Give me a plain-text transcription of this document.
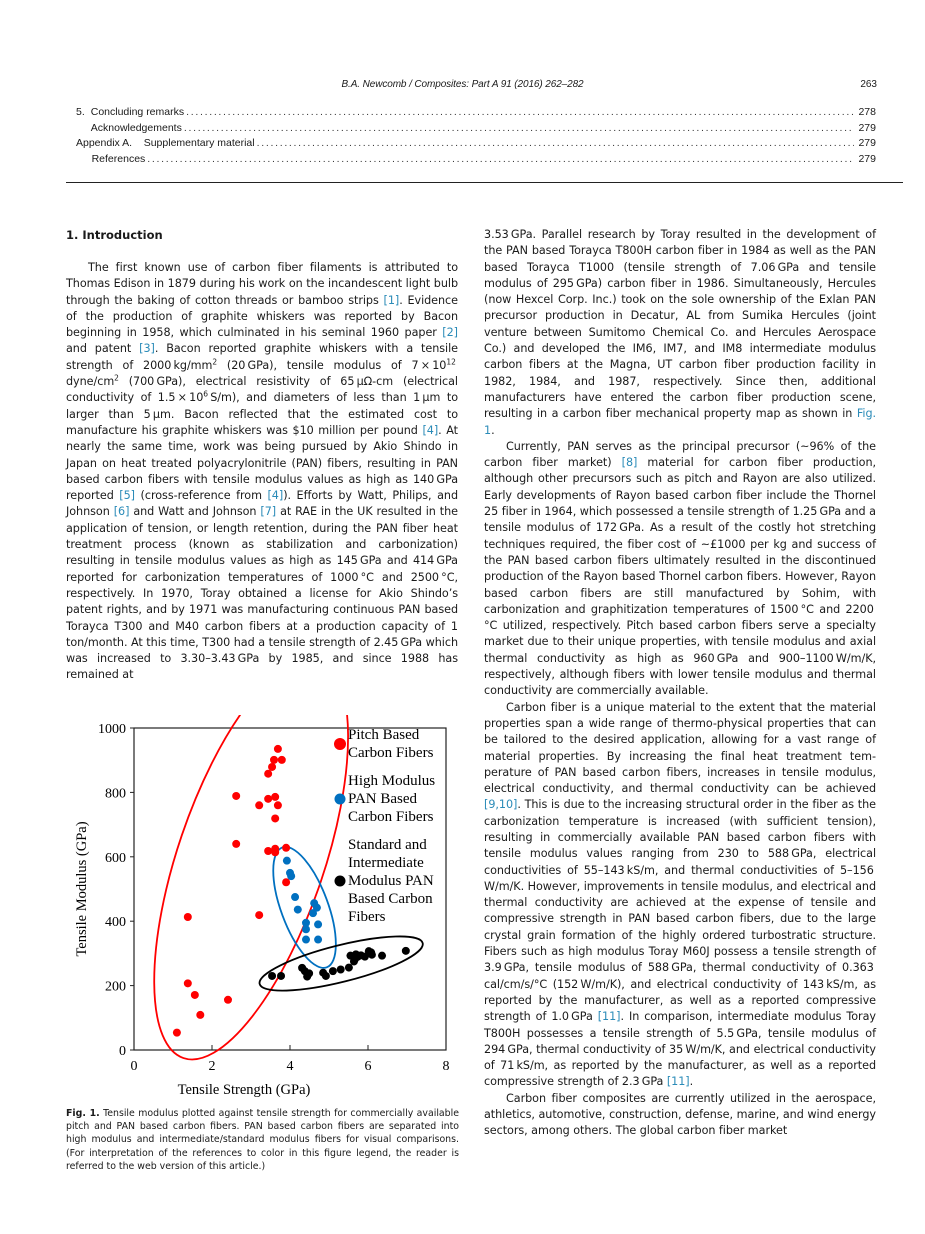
B.A. Newcomb / Composites: Part A 91 (2016) 262–282	263
5. Concluding remarks .....	278
Acknowledgements .....	279
Appendix A.    Supplementary material .....	279
References .....	279
1. Introduction

The first known use of carbon fiber filaments is attributed to Thomas Edison in 1879 during his work on the incandescent light bulb through the baking of cotton threads or bamboo strips [1]. Evidence of the production of graphite whiskers was reported by Bacon beginning in 1958, which culminated in his seminal 1960 paper [2] and patent [3]. Bacon reported graphite whiskers with a tensile strength of 2000 $kg/mm^2$ (20 GPa), tensile modulus of $7 \times 10^{12}$ dyne/$cm^2$ (700 GPa), electrical resistivity of 65 μΩ-cm (electrical conductivity of $1.5 \times 10^6$ S/m), and diameters of less than 1 μm to larger than 5 μm. Bacon reflected that the estimated cost to manufacture his graphite whiskers was $10 million per pound [4]. At nearly the same time, work was being pursued by Akio Shindo in Japan on heat treated polyacrylonitrile (PAN) fibers, resulting in PAN based carbon fibers with tensile modulus values as high as 140 GPa reported [5] (cross-reference from [4]). Efforts by Watt, Philips, and Johnson [6] and Watt and Johnson [7] at RAE in the UK resulted in the application of tension, or length retention, during the PAN fiber heat treatment process (known as stabilization and carbonization) resulting in tensile modulus values as high as 145 GPa and 414 GPa reported for carbonization temperatures of 1000 °C and 2500 °C, respectively. In 1970, Toray obtained a license for Akio Shindo’s patent rights, and by 1971 was manufacturing continuous PAN based Torayca T300 and M40 carbon fibers at a production capacity of 1 ton/month. At this time, T300 had a tensile strength of 2.45 GPa which was increased to 3.30–3.43 GPa by 1985, and since 1988 has remained at

3.53 GPa. Parallel research by Toray resulted in the development of the PAN based Torayca T800H carbon fiber in 1984 as well as the PAN based Torayca T1000 (tensile strength of 7.06 GPa and tensile modulus of 295 GPa) carbon fiber in 1986. Simultaneously, Hercules (now Hexcel Corp. Inc.) took on the sole ownership of the Exlan PAN precursor production in Decatur, AL from Sumika Hercules (joint venture between Sumitomo Chemical Co. and Hercules Aerospace Co.) and developed the IM6, IM7, and IM8 intermediate modulus carbon fibers at the Magna, UT carbon fiber production facility in 1982, 1984, and 1987, respectively. Since then, additional manufacturers have entered the carbon fiber production scene, resulting in a carbon fiber mechanical property map as shown in Fig. 1.

Currently, PAN serves as the principal precursor (~96% of the carbon fiber market) [8] material for carbon fiber production, although other precursors such as pitch and Rayon are also utilized. Early developments of Rayon based carbon fiber include the Thornel 25 fiber in 1964, which possessed a tensile strength of 1.25 GPa and a tensile modulus of 172 GPa. As a result of the costly hot stretching techniques required, the fiber cost of ~£1000 per kg and success of the PAN based carbon fibers ultimately resulted in the discontinued production of the Rayon based Thornel carbon fibers. However, Rayon based carbon fibers are still manufactured by Sohim, with carbonization and graphitization temperatures of 1500 °C and 2200 °C utilized, respectively. Pitch based carbon fibers serve a specialty market due to their unique properties, with tensile modulus and axial thermal conductivity as high as 960 GPa and 900–1100 W/m/K, respectively, although fibers with lower tensile modulus and thermal conductivity are commercially available.

Carbon fiber is a unique material to the extent that the material properties span a wide range of thermo-physical properties that can be tailored to the desired application, allowing for a vast range of material properties. By increasing the final heat treatment temperature of PAN based carbon fibers, increases in tensile modulus, electrical conductivity, and thermal conductivity can be achieved [9,10]. This is due to the increasing structural order in the fiber as the carbonization temperature is increased (with sufficient tension), resulting in commercially available PAN based carbon fibers with tensile modulus values ranging from 230 to 588 GPa, electrical conductivities of 55–143 kS/m, and thermal conductivities of 5–156 W/m/K. However, improvements in tensile modulus, and electrical and thermal conductivity are achieved at the expense of tensile and compressive strength in PAN based carbon fibers, due to the large crystal grain formation of the highly ordered turbostratic structure. Fibers such as high modulus Toray M60J possess a tensile strength of 3.9 GPa, tensile modulus of 588 GPa, thermal conductivity of 0.363 cal/cm/s/°C (152 W/m/K), and electrical conductivity of 143 kS/m, as reported by the manufacturer, as well as a reported compressive strength of 1.0 GPa [11]. In comparison, intermediate modulus Toray T800H possesses a tensile strength of 5.5 GPa, tensile modulus of 294 GPa, thermal conductivity of 35 W/m/K, and electrical conductivity of 71 kS/m, as reported by the manufacturer, as well as a reported compressive strength of 2.3 GPa [11].

Carbon fiber composites are currently utilized in the aerospace, athletics, automotive, construction, defense, marine, and wind energy sectors, among others. The global carbon fiber market

0	2	4	6	8
0
200
400
600
800
1000
Tensile Strength (GPa)
Tensile Modulus (GPa)
Pitch Based
Carbon Fibers
High Modulus
PAN Based
Carbon Fibers
Standard and
Intermediate
Modulus PAN
Based Carbon
Fibers
Fig. 1. Tensile modulus plotted against tensile strength for commercially available pitch and PAN based carbon fibers. PAN based carbon fibers are separated into high modulus and intermediate/standard modulus fibers for visual comparisons. (For interpretation of the references to color in this figure legend, the reader is referred to the web version of this article.)
